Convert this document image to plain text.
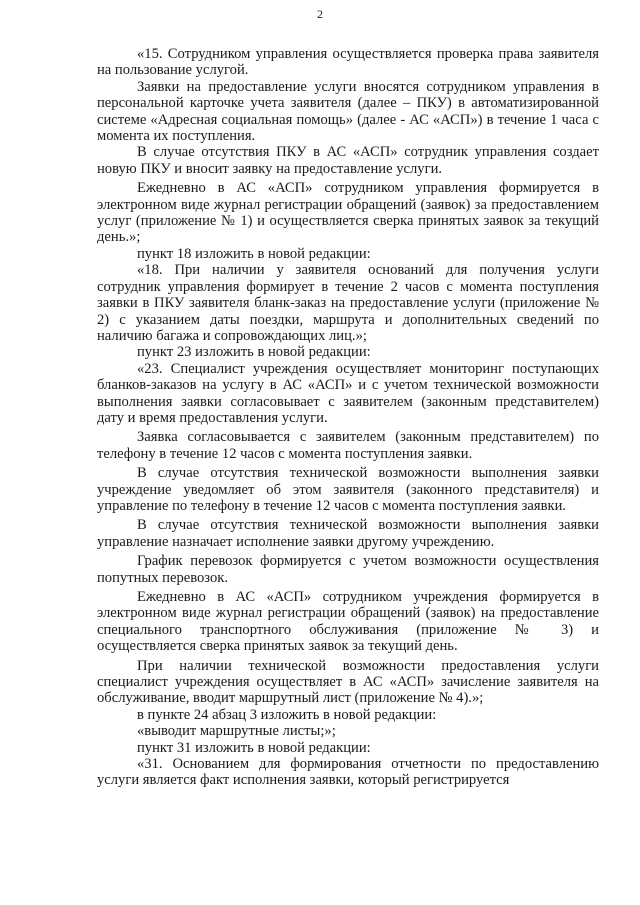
2

«15. Сотрудником управления осуществляется проверка права заявителя на пользование услугой.

Заявки на предоставление услуги вносятся сотрудником управления в персональной карточке учета заявителя (далее – ПКУ) в автоматизированной системе «Адресная социальная помощь» (далее - АС «АСП») в течение 1 часа с момента их поступления.

В случае отсутствия ПКУ в АС «АСП» сотрудник управления создает новую ПКУ и вносит заявку на предоставление услуги.

Ежедневно в АС «АСП» сотрудником управления формируется в электронном виде журнал регистрации обращений (заявок) за предоставлением услуг (приложение № 1) и осуществляется сверка принятых заявок за текущий день.»;

пункт 18 изложить в новой редакции:

«18. При наличии у заявителя оснований для получения услуги сотрудник управления формирует в течение 2 часов с момента поступления заявки в ПКУ заявителя бланк-заказ на предоставление услуги (приложение № 2) с указанием даты поездки, маршрута и дополнительных сведений по наличию багажа и сопровождающих лиц.»;

пункт 23 изложить в новой редакции:

«23. Специалист учреждения осуществляет мониторинг поступающих бланков-заказов на услугу в АС «АСП» и с учетом технической возможности выполнения заявки согласовывает с заявителем (законным представителем) дату и время предоставления услуги.

Заявка согласовывается с заявителем (законным представителем) по телефону в течение 12 часов с момента поступления заявки.

В случае отсутствия технической возможности выполнения заявки учреждение уведомляет об этом заявителя (законного представителя) и управление по телефону в течение 12 часов с момента поступления заявки.

В случае отсутствия технической возможности выполнения заявки управление назначает исполнение заявки другому учреждению.

График перевозок формируется с учетом возможности осуществления попутных перевозок.

Ежедневно в АС «АСП» сотрудником учреждения формируется в электронном виде журнал регистрации обращений (заявок) на предоставление специального транспортного обслуживания (приложение № 3) и осуществляется сверка принятых заявок за текущий день.

При наличии технической возможности предоставления услуги специалист учреждения осуществляет в АС «АСП» зачисление заявителя на обслуживание, вводит маршрутный лист (приложение № 4).»;

в пункте 24 абзац 3 изложить в новой редакции:

«выводит маршрутные листы;»;

пункт 31 изложить в новой редакции:

«31. Основанием для формирования отчетности по предоставлению услуги является факт исполнения заявки, который регистрируется
